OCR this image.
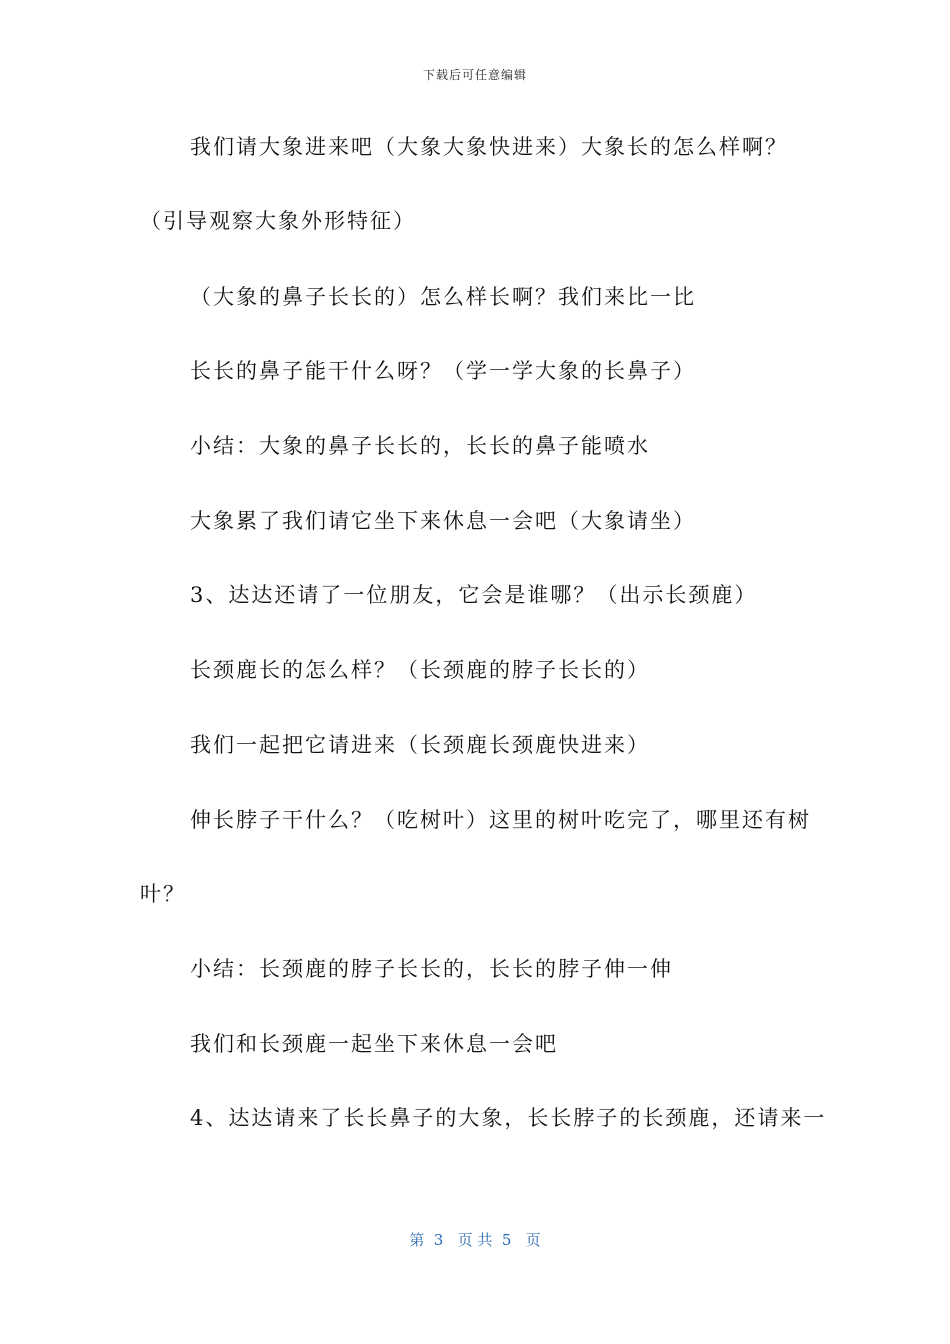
下载后可任意编辑
我们请大象进来吧（大象大象快进来）大象长的怎么样啊？
（引导观察大象外形特征）
（大象的鼻子长长的）怎么样长啊？我们来比一比
长长的鼻子能干什么呀？（学一学大象的长鼻子）
小结：大象的鼻子长长的，长长的鼻子能喷水
大象累了我们请它坐下来休息一会吧（大象请坐）
3、达达还请了一位朋友，它会是谁哪？（出示长颈鹿）
长颈鹿长的怎么样？（长颈鹿的脖子长长的）
我们一起把它请进来（长颈鹿长颈鹿快进来）
伸长脖子干什么？（吃树叶）这里的树叶吃完了，哪里还有树
叶？
小结：长颈鹿的脖子长长的，长长的脖子伸一伸
我们和长颈鹿一起坐下来休息一会吧
4、达达请来了长长鼻子的大象，长长脖子的长颈鹿，还请来一
第  3   页 共  5   页
